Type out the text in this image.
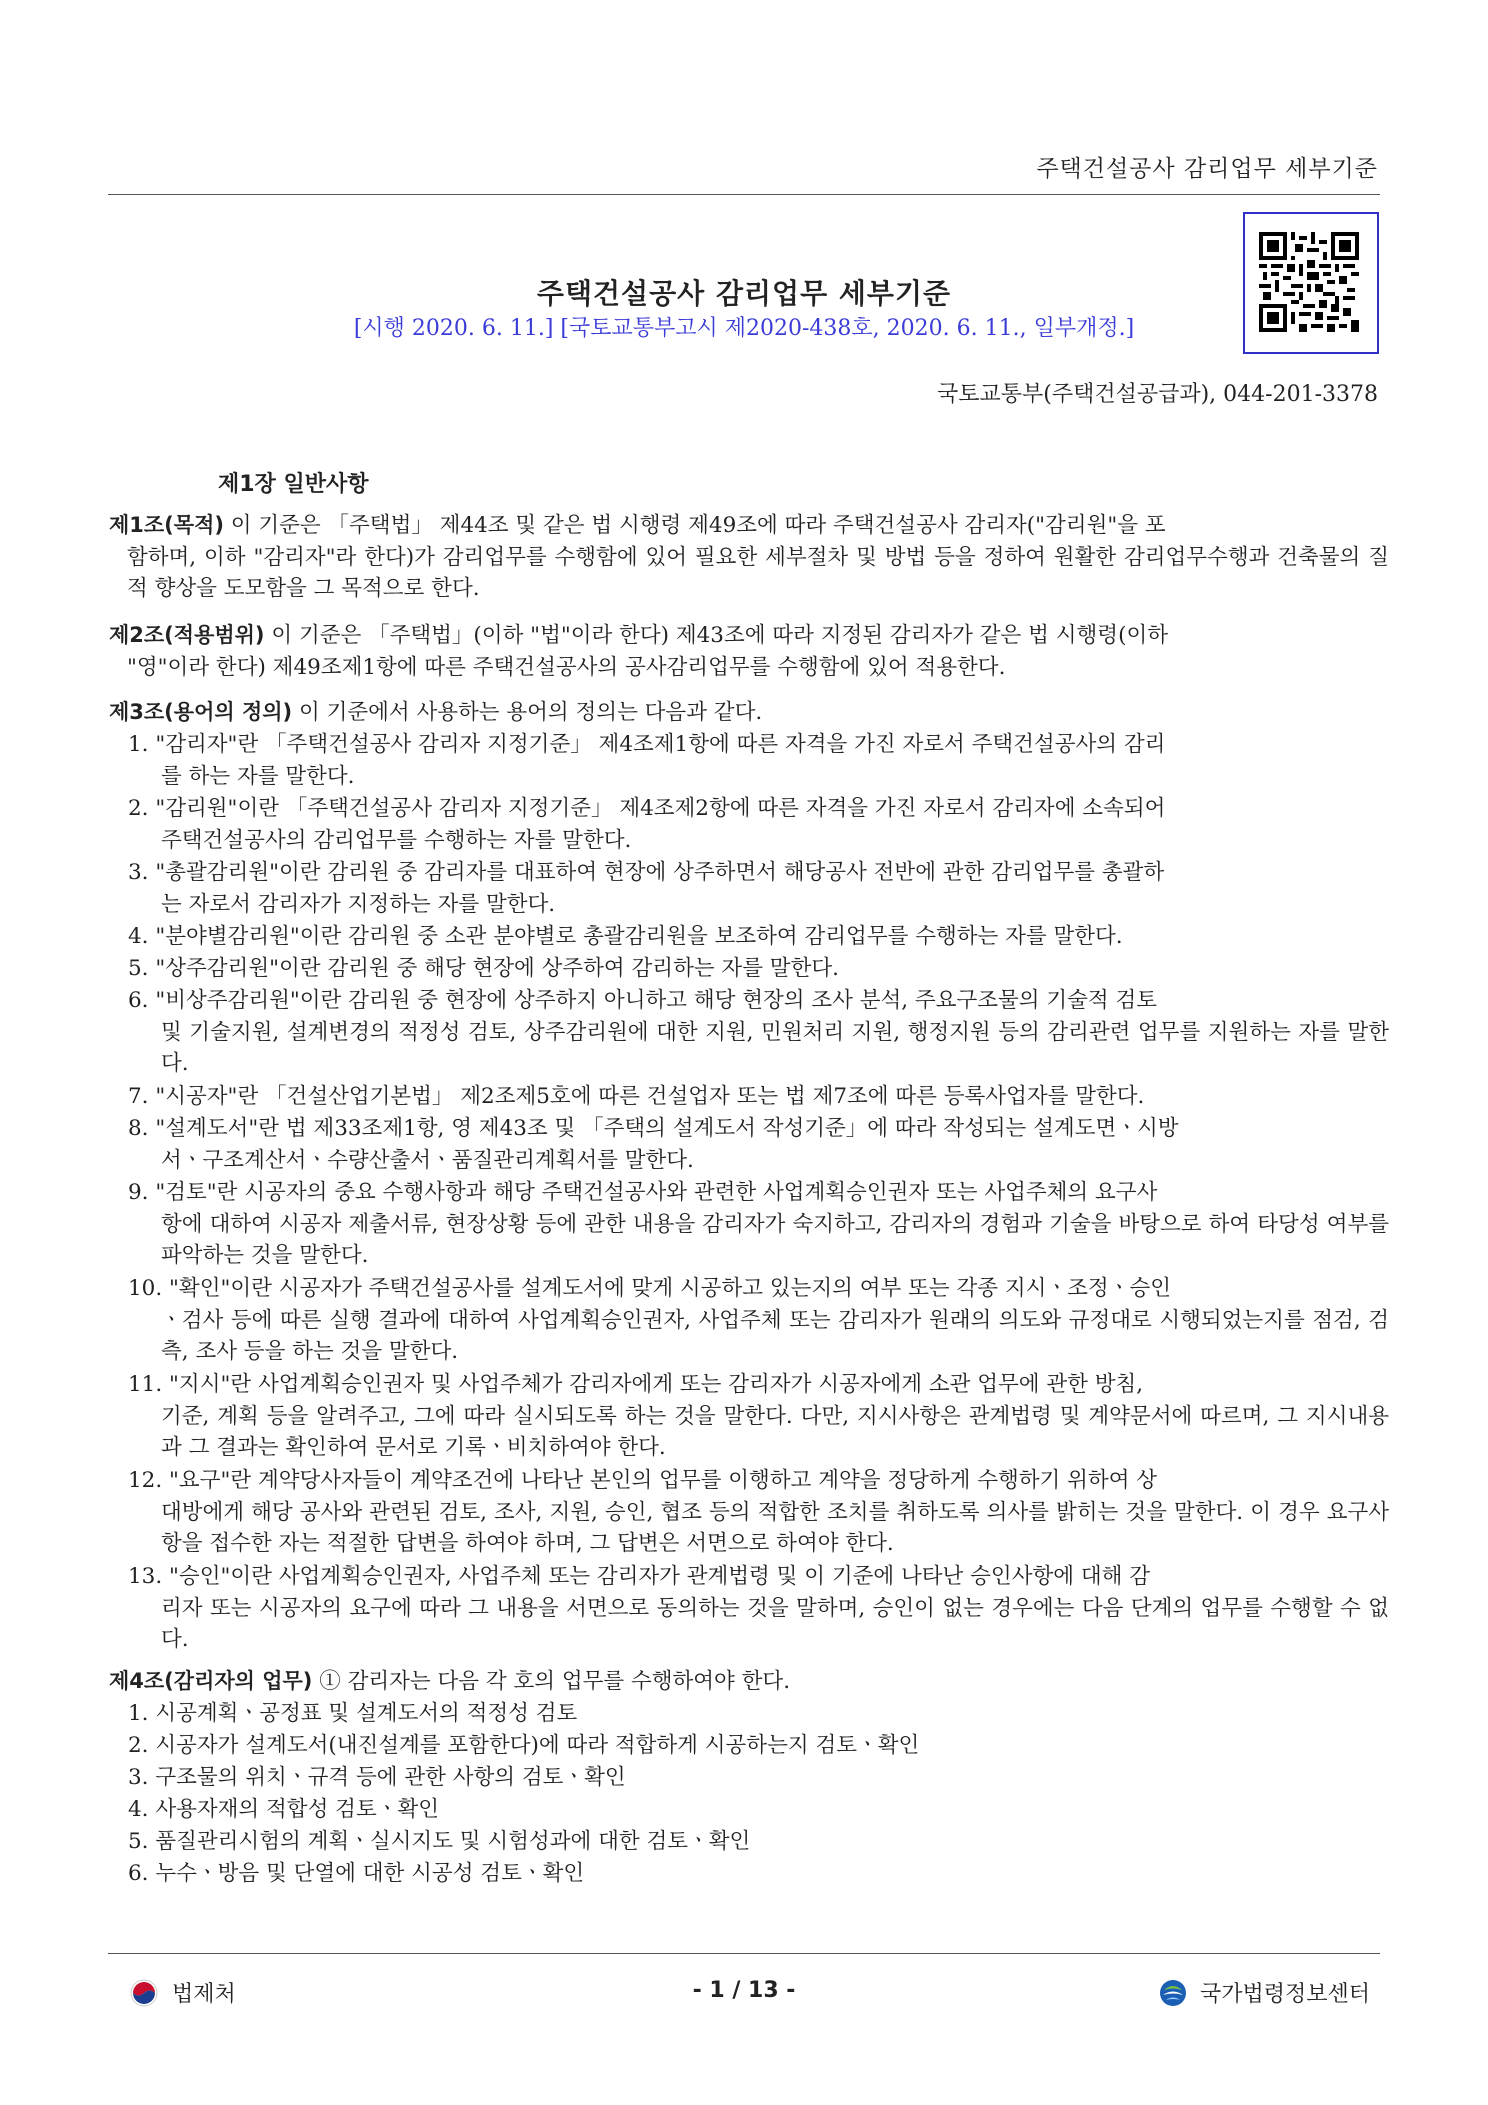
주택건설공사 감리업무 세부기준
주택건설공사 감리업무 세부기준
[시행 2020. 6. 11.] [국토교통부고시 제2020-438호, 2020. 6. 11., 일부개정.]
국토교통부(주택건설공급과), 044-201-3378
제1장 일반사항
제1조(목적) 이 기준은 「주택법」 제44조 및 같은 법 시행령 제49조에 따라 주택건설공사 감리자("감리원"을 포
함하며, 이하 "감리자"라 한다)가 감리업무를 수행함에 있어 필요한 세부절차 및 방법 등을 정하여 원활한 감리업무수행과 건축물의 질적 향상을 도모함을 그 목적으로 한다.
제2조(적용범위) 이 기준은 「주택법」(이하 "법"이라 한다) 제43조에 따라 지정된 감리자가 같은 법 시행령(이하
"영"이라 한다) 제49조제1항에 따른 주택건설공사의 공사감리업무를 수행함에 있어 적용한다.
제3조(용어의 정의) 이 기준에서 사용하는 용어의 정의는 다음과 같다.
1. "감리자"란 「주택건설공사 감리자 지정기준」 제4조제1항에 따른 자격을 가진 자로서 주택건설공사의 감리
를 하는 자를 말한다.
2. "감리원"이란 「주택건설공사 감리자 지정기준」 제4조제2항에 따른 자격을 가진 자로서 감리자에 소속되어
주택건설공사의 감리업무를 수행하는 자를 말한다.
3. "총괄감리원"이란 감리원 중 감리자를 대표하여 현장에 상주하면서 해당공사 전반에 관한 감리업무를 총괄하
는 자로서 감리자가 지정하는 자를 말한다.
4. "분야별감리원"이란 감리원 중 소관 분야별로 총괄감리원을 보조하여 감리업무를 수행하는 자를 말한다.
5. "상주감리원"이란 감리원 중 해당 현장에 상주하여 감리하는 자를 말한다.
6. "비상주감리원"이란 감리원 중 현장에 상주하지 아니하고 해당 현장의 조사 분석, 주요구조물의 기술적 검토
및 기술지원, 설계변경의 적정성 검토, 상주감리원에 대한 지원, 민원처리 지원, 행정지원 등의 감리관련 업무를 지원하는 자를 말한다.
7. "시공자"란 「건설산업기본법」 제2조제5호에 따른 건설업자 또는 법 제7조에 따른 등록사업자를 말한다.
8. "설계도서"란 법 제33조제1항, 영 제43조 및 「주택의 설계도서 작성기준」에 따라 작성되는 설계도면ㆍ시방
서ㆍ구조계산서ㆍ수량산출서ㆍ품질관리계획서를 말한다.
9. "검토"란 시공자의 중요 수행사항과 해당 주택건설공사와 관련한 사업계획승인권자 또는 사업주체의 요구사
항에 대하여 시공자 제출서류, 현장상황 등에 관한 내용을 감리자가 숙지하고, 감리자의 경험과 기술을 바탕으로 하여 타당성 여부를 파악하는 것을 말한다.
10. "확인"이란 시공자가 주택건설공사를 설계도서에 맞게 시공하고 있는지의 여부 또는 각종 지시ㆍ조정ㆍ승인
ㆍ검사 등에 따른 실행 결과에 대하여 사업계획승인권자, 사업주체 또는 감리자가 원래의 의도와 규정대로 시행되었는지를 점검, 검측, 조사 등을 하는 것을 말한다.
11. "지시"란 사업계획승인권자 및 사업주체가 감리자에게 또는 감리자가 시공자에게 소관 업무에 관한 방침,
기준, 계획 등을 알려주고, 그에 따라 실시되도록 하는 것을 말한다. 다만, 지시사항은 관계법령 및 계약문서에 따르며, 그 지시내용과 그 결과는 확인하여 문서로 기록ㆍ비치하여야 한다.
12. "요구"란 계약당사자들이 계약조건에 나타난 본인의 업무를 이행하고 계약을 정당하게 수행하기 위하여 상
대방에게 해당 공사와 관련된 검토, 조사, 지원, 승인, 협조 등의 적합한 조치를 취하도록 의사를 밝히는 것을 말한다. 이 경우 요구사항을 접수한 자는 적절한 답변을 하여야 하며, 그 답변은 서면으로 하여야 한다.
13. "승인"이란 사업계획승인권자, 사업주체 또는 감리자가 관계법령 및 이 기준에 나타난 승인사항에 대해 감
리자 또는 시공자의 요구에 따라 그 내용을 서면으로 동의하는 것을 말하며, 승인이 없는 경우에는 다음 단계의 업무를 수행할 수 없다.
제4조(감리자의 업무) ① 감리자는 다음 각 호의 업무를 수행하여야 한다.
1. 시공계획ㆍ공정표 및 설계도서의 적정성 검토
2. 시공자가 설계도서(내진설계를 포함한다)에 따라 적합하게 시공하는지 검토ㆍ확인
3. 구조물의 위치ㆍ규격 등에 관한 사항의 검토ㆍ확인
4. 사용자재의 적합성 검토ㆍ확인
5. 품질관리시험의 계획ㆍ실시지도 및 시험성과에 대한 검토ㆍ확인
6. 누수ㆍ방음 및 단열에 대한 시공성 검토ㆍ확인
법제처	- 1 / 13 -	국가법령정보센터
